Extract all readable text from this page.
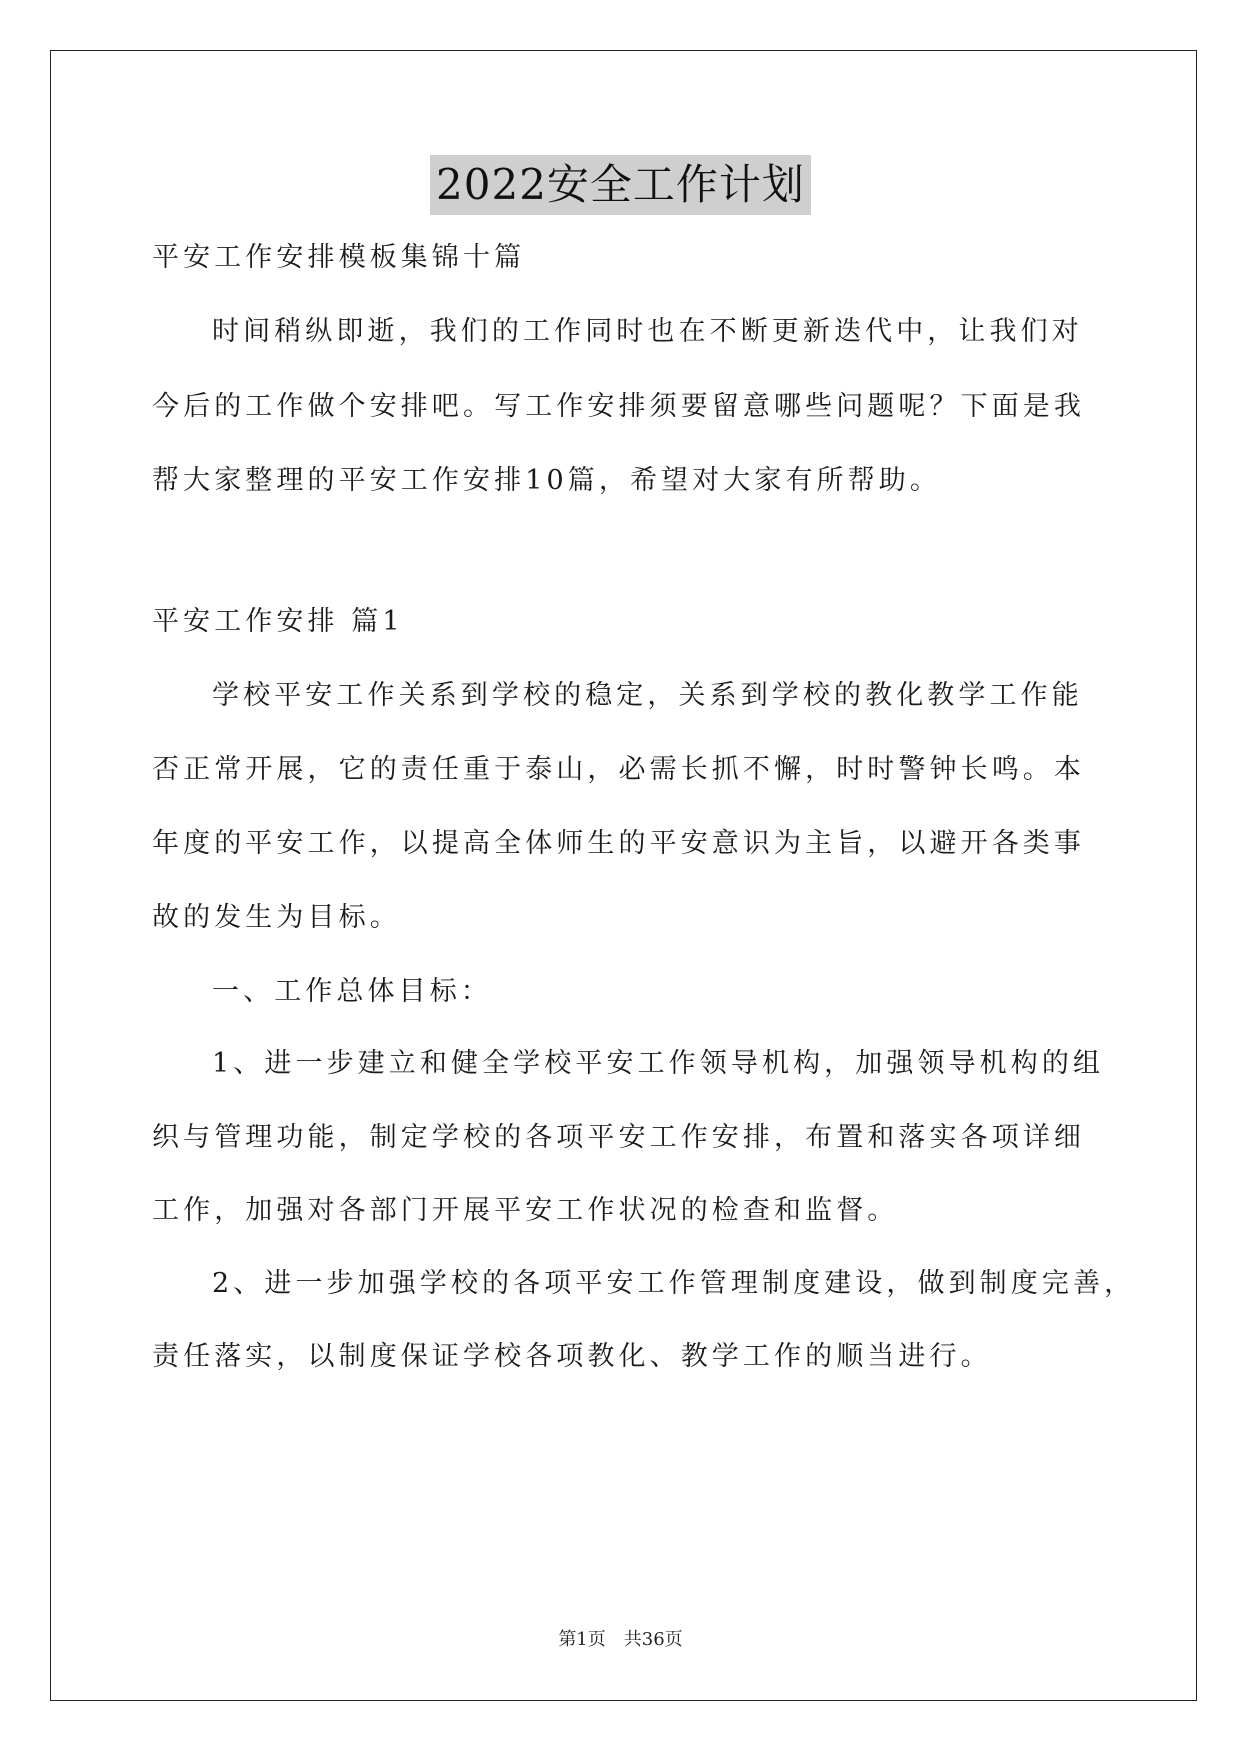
2022安全工作计划
平安工作安排模板集锦十篇
时间稍纵即逝，我们的工作同时也在不断更新迭代中，让我们对
今后的工作做个安排吧。写工作安排须要留意哪些问题呢？下面是我
帮大家整理的平安工作安排10篇，希望对大家有所帮助。
平安工作安排 篇1
学校平安工作关系到学校的稳定，关系到学校的教化教学工作能
否正常开展，它的责任重于泰山，必需长抓不懈，时时警钟长鸣。本
年度的平安工作，以提高全体师生的平安意识为主旨，以避开各类事
故的发生为目标。
一、工作总体目标：
1、进一步建立和健全学校平安工作领导机构，加强领导机构的组
织与管理功能，制定学校的各项平安工作安排，布置和落实各项详细
工作，加强对各部门开展平安工作状况的检查和监督。
2、进一步加强学校的各项平安工作管理制度建设，做到制度完善，
责任落实，以制度保证学校各项教化、教学工作的顺当进行。
第1页　共36页
